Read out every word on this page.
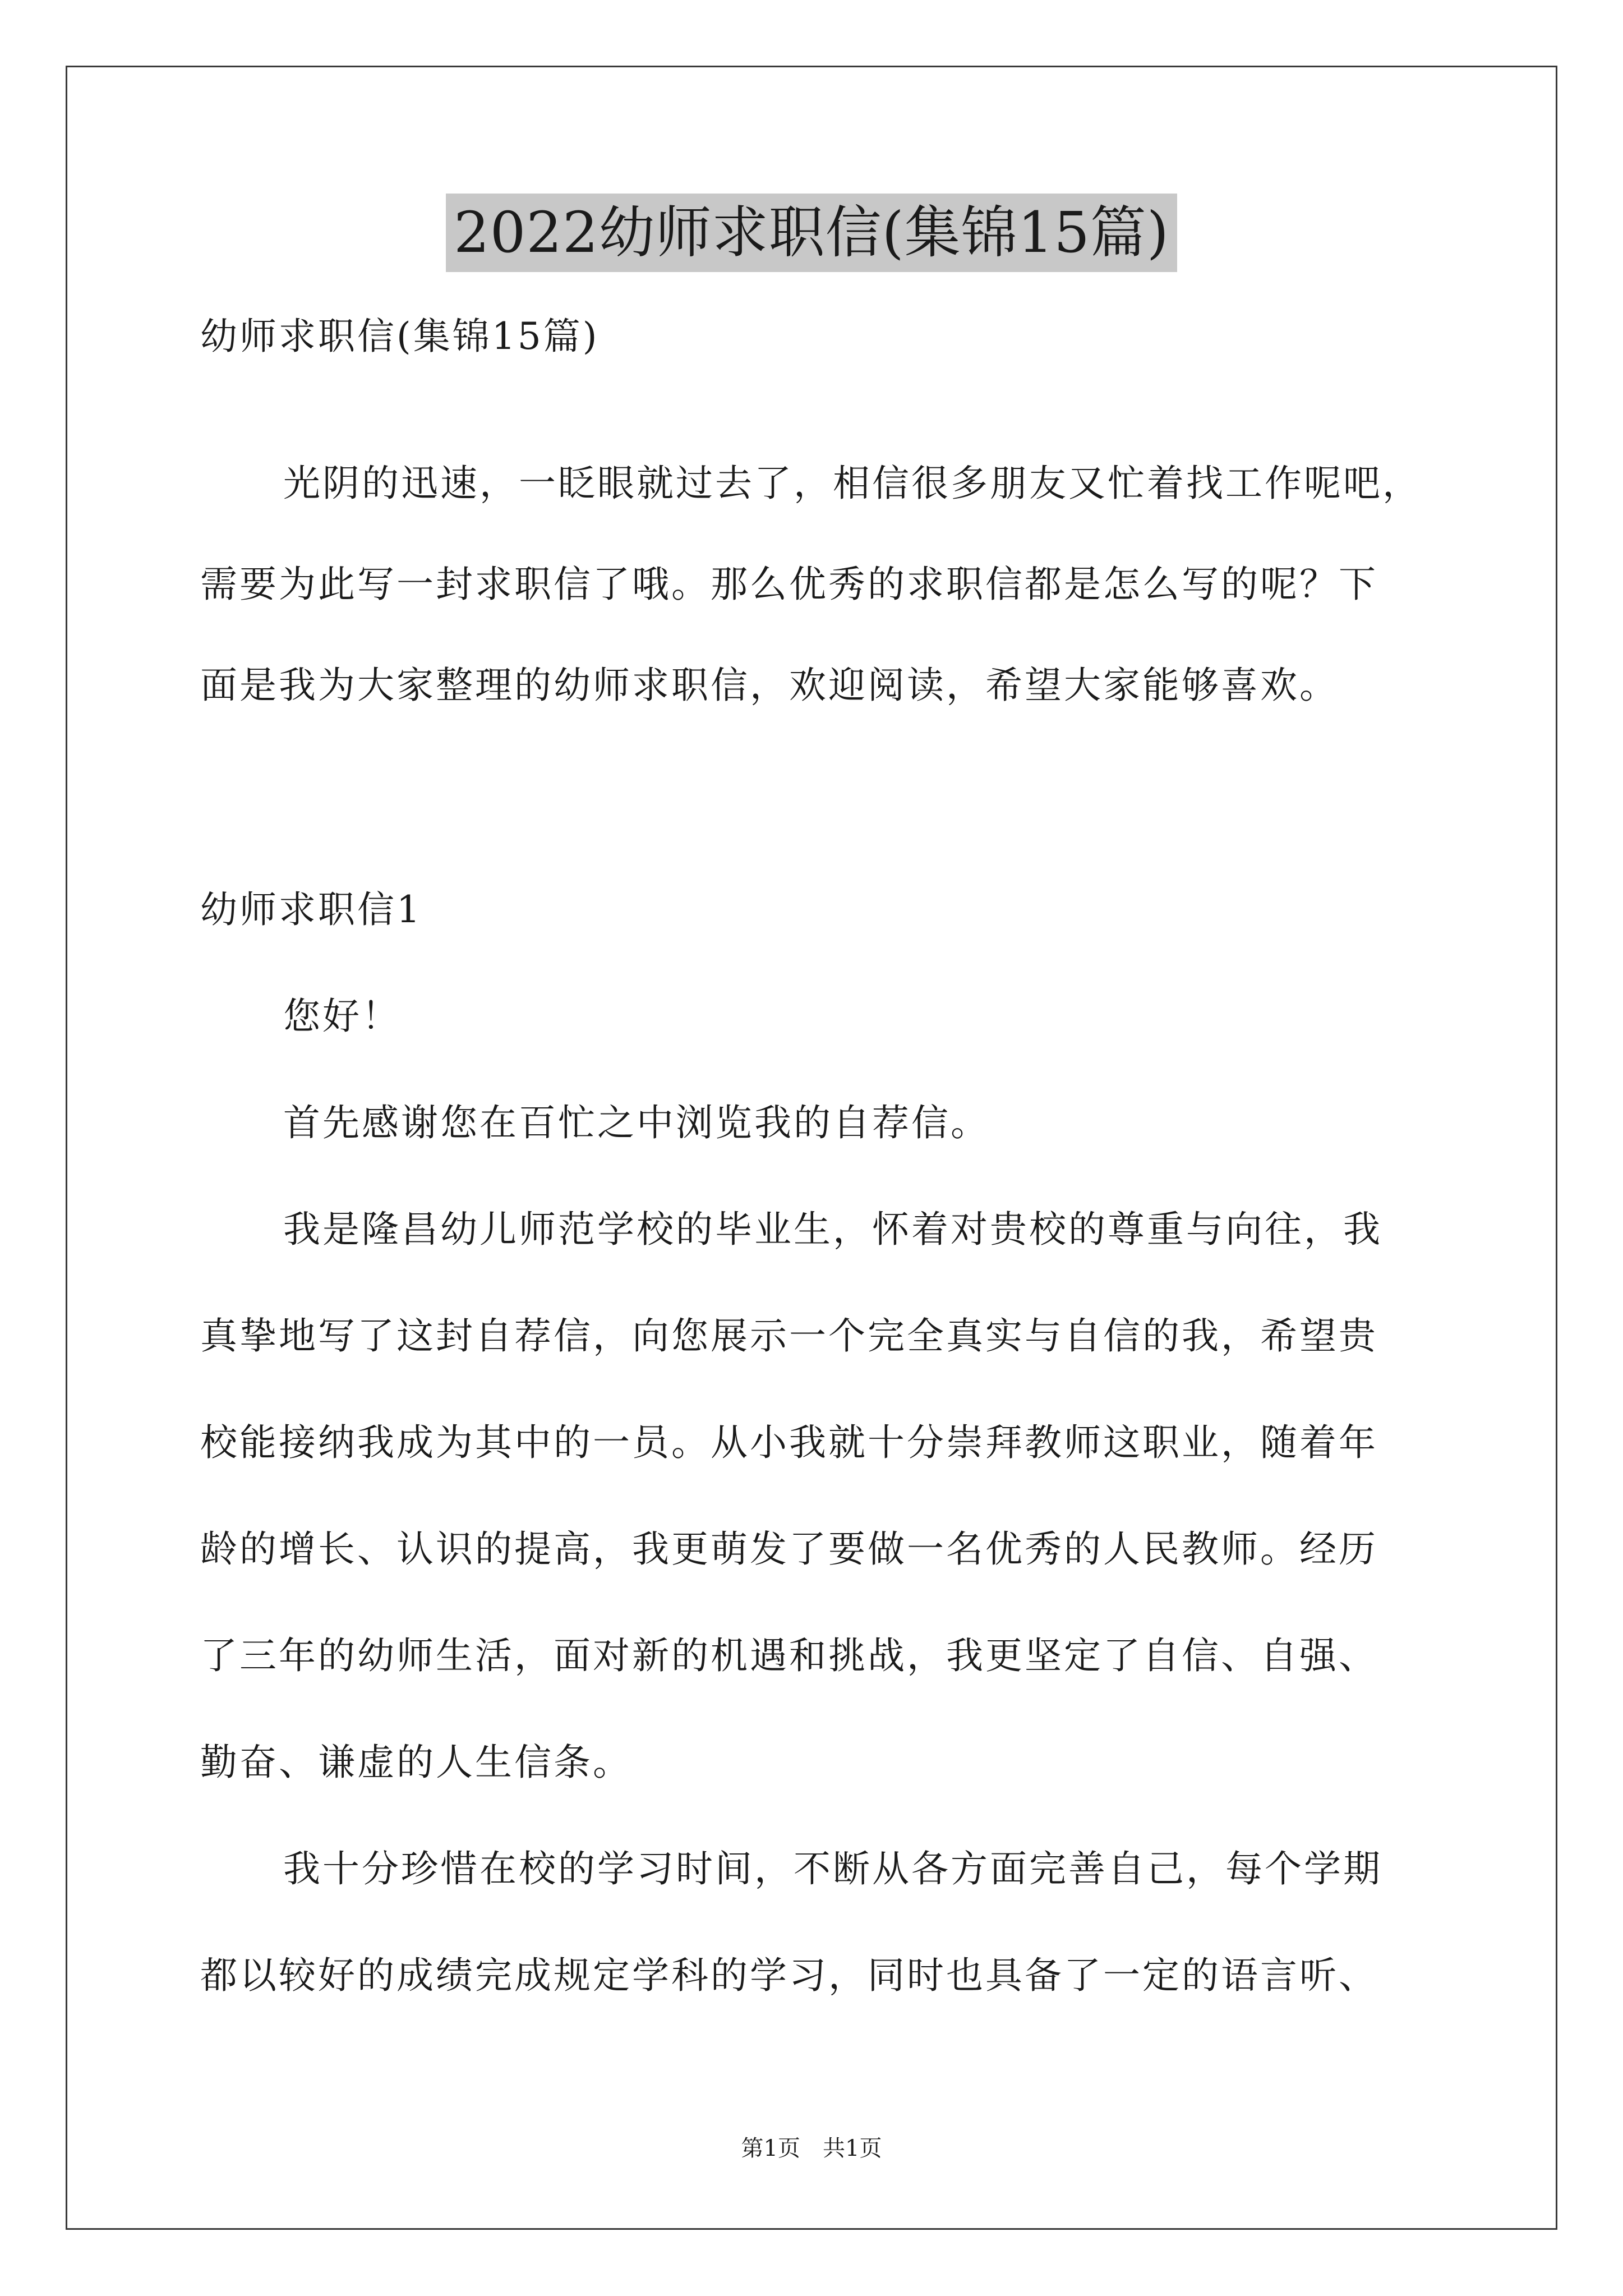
2022幼师求职信(集锦15篇)
幼师求职信(集锦15篇)
光阴的迅速，一眨眼就过去了，相信很多朋友又忙着找工作呢吧，
需要为此写一封求职信了哦。那么优秀的求职信都是怎么写的呢？下
面是我为大家整理的幼师求职信，欢迎阅读，希望大家能够喜欢。
幼师求职信1
您好！
首先感谢您在百忙之中浏览我的自荐信。
我是隆昌幼儿师范学校的毕业生，怀着对贵校的尊重与向往，我
真挚地写了这封自荐信，向您展示一个完全真实与自信的我，希望贵
校能接纳我成为其中的一员。从小我就十分崇拜教师这职业，随着年
龄的增长、认识的提高，我更萌发了要做一名优秀的人民教师。经历
了三年的幼师生活，面对新的机遇和挑战，我更坚定了自信、自强、
勤奋、谦虚的人生信条。
我十分珍惜在校的学习时间，不断从各方面完善自己，每个学期
都以较好的成绩完成规定学科的学习，同时也具备了一定的语言听、
第1页　共1页
